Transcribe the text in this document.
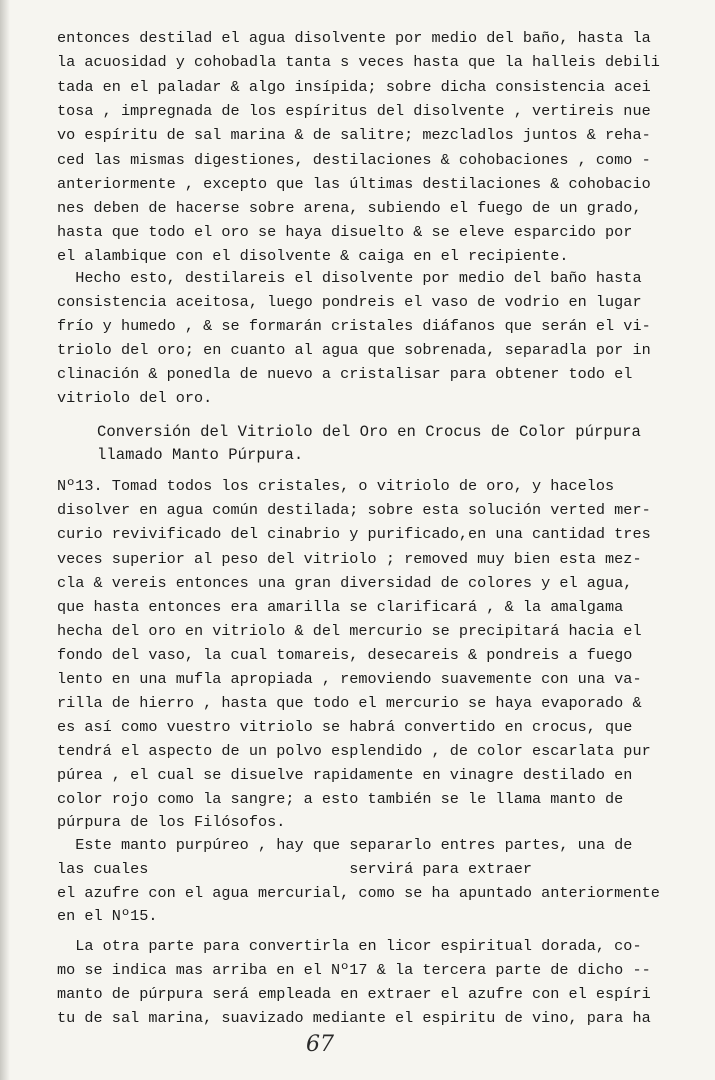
entonces destilad el agua disolvente por medio del baño, hasta la
la acuosidad y cohobadla tanta s veces hasta que la halleis debili
tada en el paladar & algo insípida; sobre dicha consistencia acei
tosa , impregnada de los espíritus del disolvente , vertireis nue
vo espíritu de sal marina & de salitre; mezcladlos juntos & reha-
ced las mismas digestiones, destilaciones & cohobaciones , como -
anteriormente , excepto que las últimas destilaciones & cohobacio
nes deben de hacerse sobre arena, subiendo el fuego de un grado,
hasta que todo el oro se haya disuelto & se eleve esparcido por
el alambique con el disolvente & caiga en el recipiente.
Hecho esto, destilareis el disolvente por medio del baño hasta
consistencia aceitosa, luego pondreis el vaso de vodrio en lugar
frío y humedo , & se formarán cristales diáfanos que serán el vi-
triolo del oro; en cuanto al agua que sobrenada, separadla por in
clinación & ponedla de nuevo a cristalisar para obtener todo el
vitriolo del oro.
Conversión del Vitriolo del Oro en Crocus de Color púrpura
llamado Manto Púrpura.
Nº13. Tomad todos los cristales, o vitriolo de oro, y hacelos
disolver en agua común destilada; sobre esta solución verted mer-
curio revivificado del cinabrio y purificado,en una cantidad tres
veces superior al peso del vitriolo ; removed muy bien esta mez-
cla & vereis entonces una gran diversidad de colores y el agua,
que hasta entonces era amarilla se clarificará , & la amalgama
hecha del oro en vitriolo & del mercurio se precipitará hacia el
fondo del vaso, la cual tomareis, desecareis & pondreis a fuego
lento en una mufla apropiada , removiendo suavemente con una va-
rilla de hierro , hasta que todo el mercurio se haya evaporado &
es así como vuestro vitriolo se habrá convertido en crocus, que
tendrá el aspecto de un polvo esplendido , de color escarlata pur
púrea , el cual se disuelve rapidamente en vinagre destilado en
color rojo como la sangre; a esto también se le llama manto de
púrpura de los Filósofos.
Este manto purpúreo , hay que separarlo entres partes, una de
las cuales                      servirá para extraer
el azufre con el agua mercurial, como se ha apuntado anteriormente
en el Nº15.
La otra parte para convertirla en licor espiritual dorada, co-
mo se indica mas arriba en el Nº17 & la tercera parte de dicho --
manto de púrpura será empleada en extraer el azufre con el espíri
tu de sal marina, suavizado mediante el espiritu de vino, para ha
67
